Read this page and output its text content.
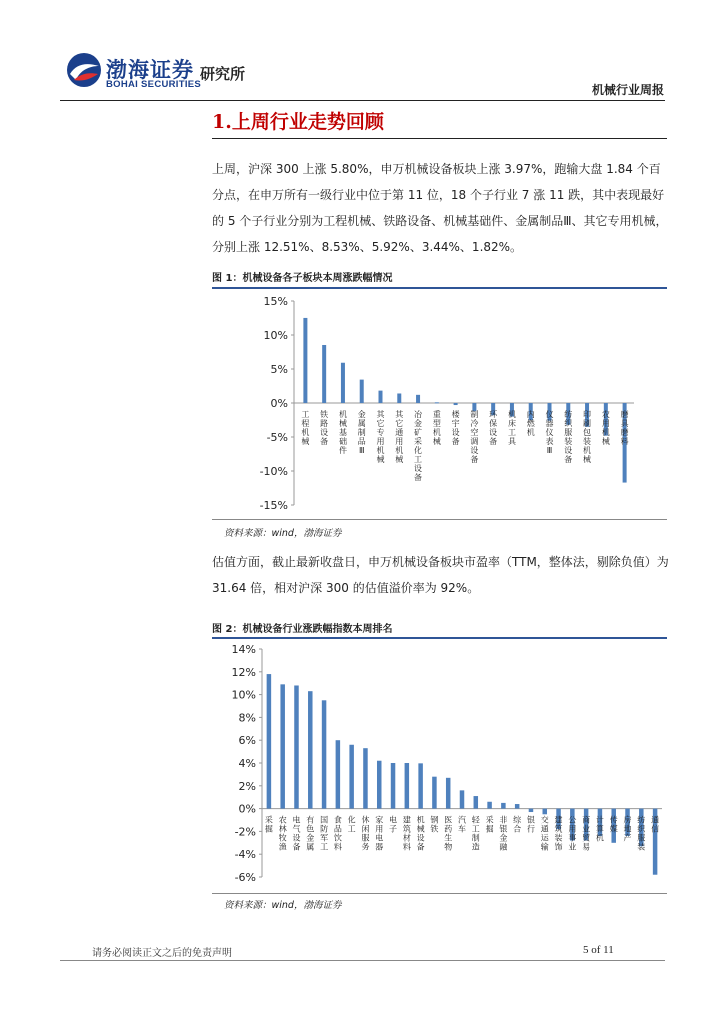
渤海证券
BOHAI SECURITIES
研究所
机械行业周报
1.上周行业走势回顾
上周，沪深 300 上涨 5.80%，申万机械设备板块上涨 3.97%，跑输大盘 1.84 个百分点，在申万所有一级行业中位于第 11 位，18 个子行业 7 涨 11 跌，其中表现最好的 5 个子行业分别为工程机械、铁路设备、机械基础件、金属制品Ⅲ、其它专用机械，分别上涨 12.51%、8.53%、5.92%、3.44%、1.82%。
图 1：机械设备各子板块本周涨跌幅情况
15%
10%
5%
0%
-5%
-10%
-15%
工程机械
铁路设备
机械基础件
金属制品 Ⅲ
其它专用机械
其它通用机械
冶金矿采化工设备
重型机械
楼宇设备
制冷空调设备
环保设备
机床工具
内燃机
仪器仪表 Ⅲ
纺织服装设备
印刷包装机械
农用机械
磨具磨料
资料来源：wind，渤海证券
估值方面，截止最新收盘日，申万机械设备板块市盈率（TTM，整体法，剔除负值）为 31.64 倍，相对沪深 300 的估值溢价率为 92%。
图 2：机械设备行业涨跌幅指数本周排名
14%
12%
10%
8%
6%
4%
2%
0%
-2%
-4%
-6%
采掘
农林牧渔
电气设备
有色金属
国防军工
食品饮料
化工
休闲服务
家用电器
电子
建筑材料
机械设备
钢铁
医药生物
汽车
轻工制造
采掘
非银金融
综合
银行
交通运输
建筑装饰
公用事业
商业贸易
计算机
传媒
房地产
纺织服装
通信
资料来源：wind，渤海证券
请务必阅读正文之后的免责声明	5 of 11
